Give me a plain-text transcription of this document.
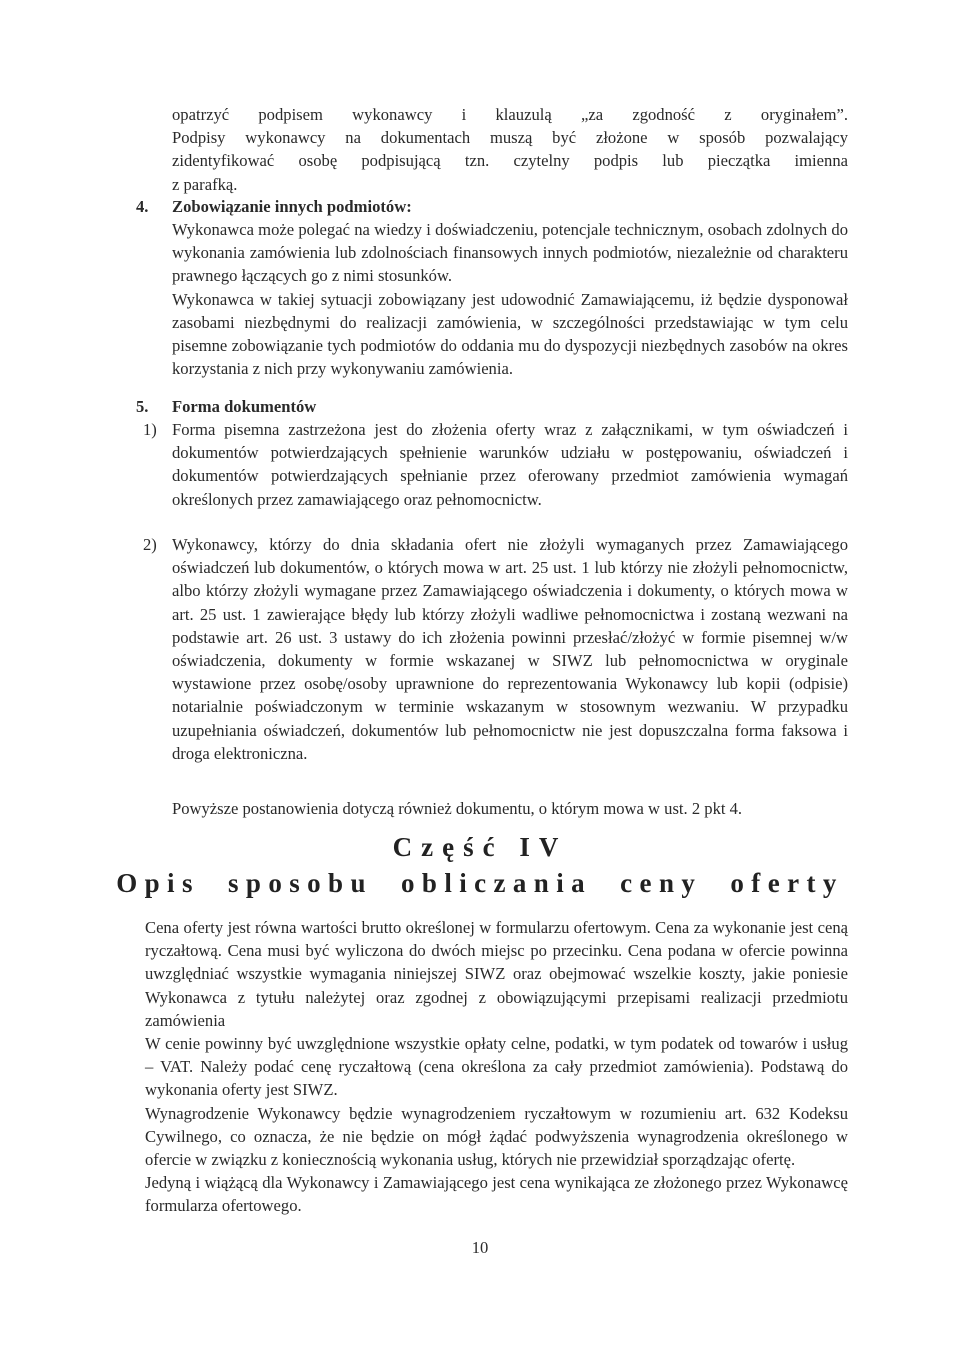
opatrzyć podpisem wykonawcy i klauzulą „za zgodność z oryginałem”.

Podpisy wykonawcy na dokumentach muszą być złożone w sposób pozwalający

zidentyfikować osobę podpisującą tzn. czytelny podpis lub pieczątka imienna

z parafką.

4. Zobowiązanie innych podmiotów:

Wykonawca może polegać na wiedzy i doświadczeniu, potencjale technicznym, osobach zdolnych do wykonania zamówienia lub zdolnościach finansowych innych podmiotów, niezależnie od charakteru prawnego łączących go z nimi stosunków.

Wykonawca w takiej sytuacji zobowiązany jest udowodnić Zamawiającemu, iż będzie dysponował zasobami niezbędnymi do realizacji zamówienia, w szczególności przedstawiając w tym celu pisemne zobowiązanie tych podmiotów do oddania mu do dyspozycji niezbędnych zasobów na okres korzystania z nich przy wykonywaniu zamówienia.

5. Forma dokumentów
1) Forma pisemna zastrzeżona jest do złożenia oferty wraz z załącznikami, w tym oświadczeń i dokumentów potwierdzających spełnienie warunków udziału w postępowaniu, oświadczeń i dokumentów potwierdzających spełnianie przez oferowany przedmiot zamówienia wymagań określonych przez zamawiającego oraz pełnomocnictw.
2) Wykonawcy, którzy do dnia składania ofert nie złożyli wymaganych przez Zamawiającego oświadczeń lub dokumentów, o których mowa w art. 25 ust. 1 lub którzy nie złożyli pełnomocnictw, albo którzy złożyli wymagane przez Zamawiającego oświadczenia i dokumenty, o których mowa w art. 25 ust. 1 zawierające błędy lub którzy złożyli wadliwe pełnomocnictwa i zostaną wezwani na podstawie art. 26 ust. 3 ustawy do ich złożenia powinni przesłać/złożyć w formie pisemnej w/w oświadczenia, dokumenty w formie wskazanej w SIWZ lub pełnomocnictwa w oryginale wystawione przez osobę/osoby uprawnione do reprezentowania Wykonawcy lub kopii (odpisie) notarialnie poświadczonym w terminie wskazanym w stosownym wezwaniu. W przypadku uzupełniania oświadczeń, dokumentów lub pełnomocnictw nie jest dopuszczalna forma faksowa i droga elektroniczna.

Powyższe postanowienia dotyczą również dokumentu, o którym mowa w ust. 2 pkt 4.

Część IV
Opis sposobu obliczania ceny oferty

Cena oferty jest równa wartości brutto określonej w formularzu ofertowym. Cena za wykonanie jest ceną ryczałtową. Cena musi być wyliczona do dwóch miejsc po przecinku. Cena podana w ofercie powinna uwzględniać wszystkie wymagania niniejszej SIWZ oraz obejmować wszelkie koszty, jakie poniesie Wykonawca z tytułu należytej oraz zgodnej z obowiązującymi przepisami realizacji przedmiotu zamówienia

W cenie powinny być uwzględnione wszystkie opłaty celne, podatki, w tym podatek od towarów i usług – VAT. Należy podać cenę ryczałtową (cena określona za cały przedmiot zamówienia). Podstawą do wykonania oferty jest SIWZ.

Wynagrodzenie Wykonawcy będzie wynagrodzeniem ryczałtowym w rozumieniu art. 632 Kodeksu Cywilnego, co oznacza, że nie będzie on mógł żądać podwyższenia wynagrodzenia określonego w ofercie w związku z koniecznością wykonania usług, których nie przewidział sporządzając ofertę.

Jedyną i wiążącą dla Wykonawcy i Zamawiającego jest cena wynikająca ze złożonego przez Wykonawcę formularza ofertowego.

10
